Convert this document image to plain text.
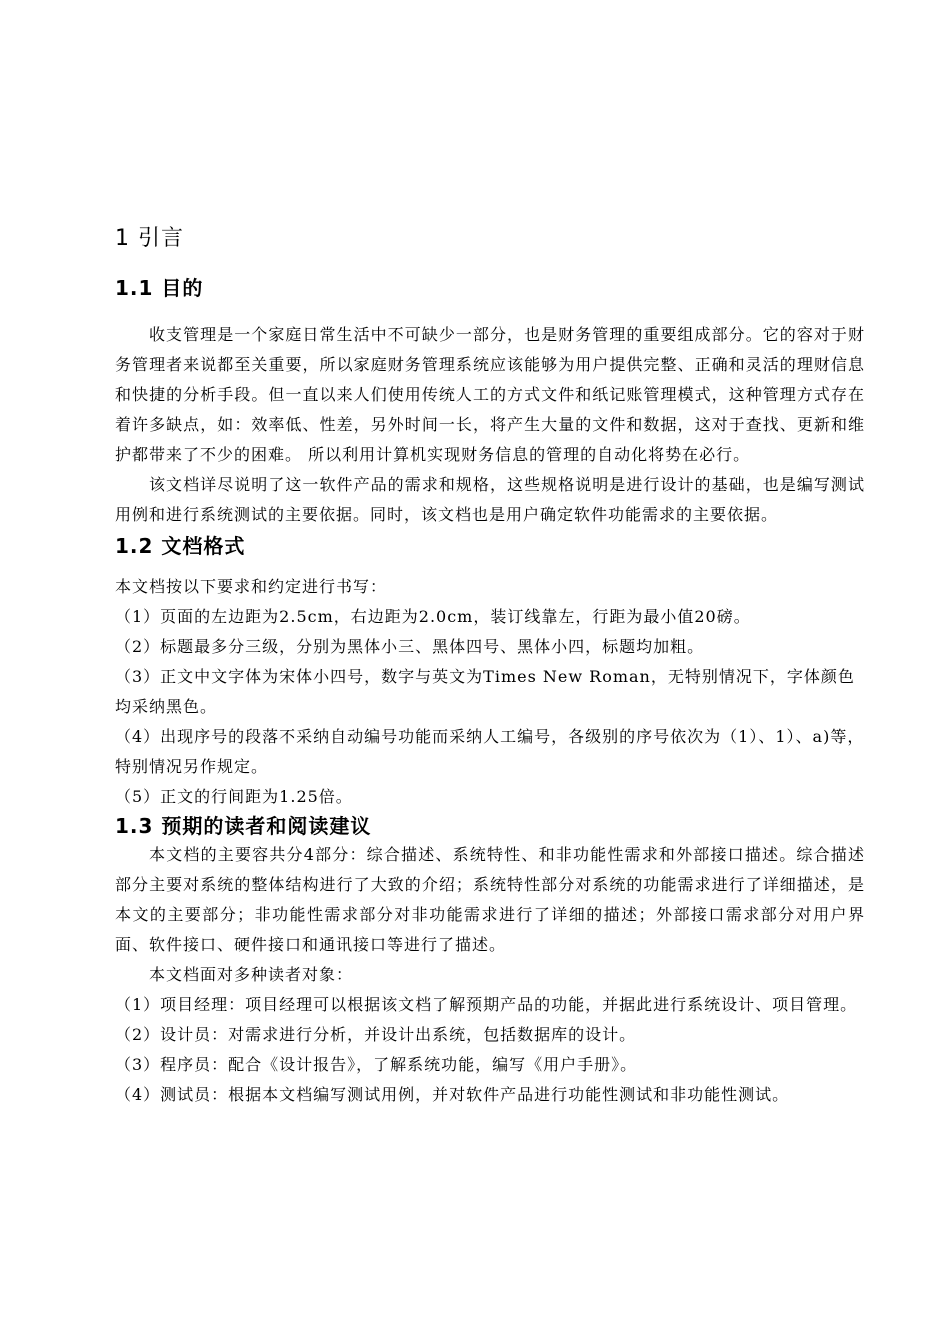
1 引言
1.1 目的

收支管理是一个家庭日常生活中不可缺少一部分，也是财务管理的重要组成部分。它的容对于财务管理者来说都至关重要，所以家庭财务管理系统应该能够为用户提供完整、正确和灵活的理财信息和快捷的分析手段。但一直以来人们使用传统人工的方式文件和纸记账管理模式，这种管理方式存在着许多缺点，如：效率低、性差，另外时间一长，将产生大量的文件和数据，这对于查找、更新和维护都带来了不少的困难。 所以利用计算机实现财务信息的管理的自动化将势在必行。

该文档详尽说明了这一软件产品的需求和规格，这些规格说明是进行设计的基础，也是编写测试用例和进行系统测试的主要依据。同时，该文档也是用户确定软件功能需求的主要依据。

1.2 文档格式

本文档按以下要求和约定进行书写：

（1）页面的左边距为2.5cm，右边距为2.0cm，装订线靠左，行距为最小值20磅。

（2）标题最多分三级，分别为黑体小三、黑体四号、黑体小四，标题均加粗。

（3）正文中文字体为宋体小四号，数字与英文为Times New Roman，无特别情况下，字体颜色均采纳黑色。

（4）出现序号的段落不采纳自动编号功能而采纳人工编号，各级别的序号依次为（1）、1）、a)等，特别情况另作规定。

（5）正文的行间距为1.25倍。

1.3 预期的读者和阅读建议

本文档的主要容共分4部分：综合描述、系统特性、和非功能性需求和外部接口描述。综合描述部分主要对系统的整体结构进行了大致的介绍；系统特性部分对系统的功能需求进行了详细描述，是本文的主要部分；非功能性需求部分对非功能需求进行了详细的描述；外部接口需求部分对用户界面、软件接口、硬件接口和通讯接口等进行了描述。

本文档面对多种读者对象：

（1）项目经理：项目经理可以根据该文档了解预期产品的功能，并据此进行系统设计、项目管理。

（2）设计员：对需求进行分析，并设计出系统，包括数据库的设计。

（3）程序员：配合《设计报告》，了解系统功能，编写《用户手册》。

（4）测试员：根据本文档编写测试用例，并对软件产品进行功能性测试和非功能性测试。
